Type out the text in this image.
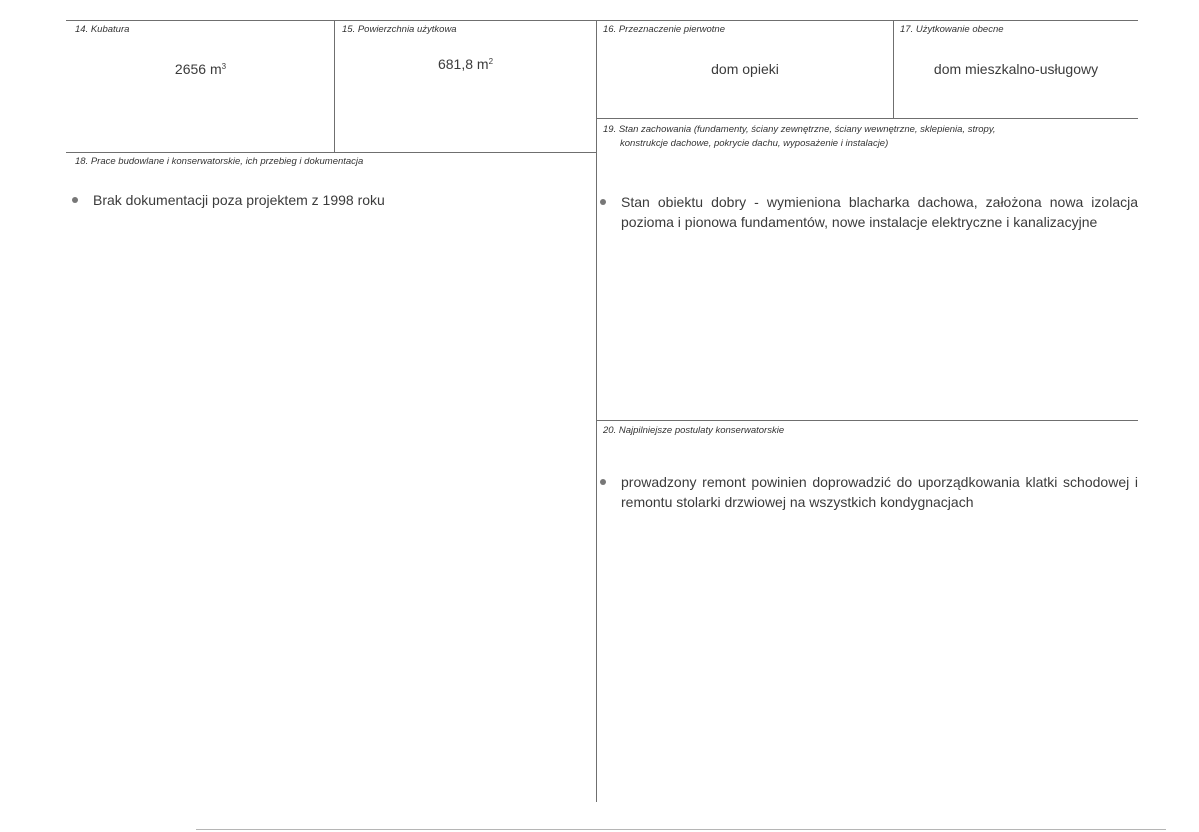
14. Kubatura
2656 $m^3$
15. Powierzchnia użytkowa
681,8 $m^2$
16. Przeznaczenie pierwotne
dom opieki
17. Użytkowanie obecne
dom mieszkalno-usługowy
18. Prace budowlane i konserwatorskie, ich przebieg i dokumentacja
Brak dokumentacji poza projektem z 1998 roku
19. Stan zachowania (fundamenty, ściany zewnętrzne, ściany wewnętrzne, sklepienia, stropy,
konstrukcje dachowe, pokrycie dachu, wyposażenie i instalacje)
Stan obiektu dobry - wymieniona blacharka dachowa, założona nowa izolacja pozioma i pionowa fundamentów, nowe instalacje elektryczne i kanalizacyjne
20. Najpilniejsze postulaty konserwatorskie
prowadzony remont powinien doprowadzić do uporządkowania klatki schodowej i remontu stolarki drzwiowej na wszystkich kondygnacjach
